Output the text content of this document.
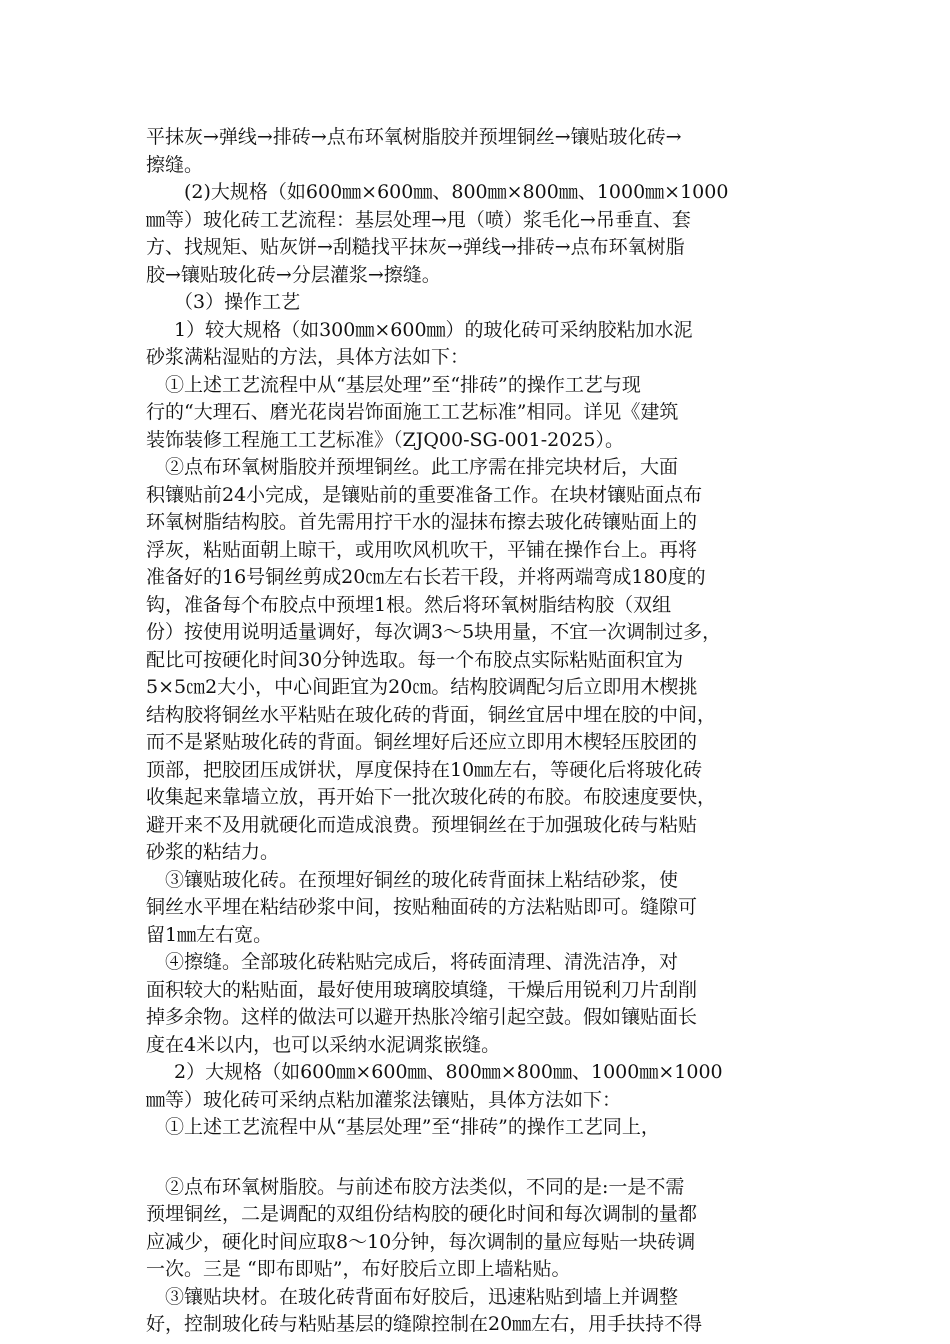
平抹灰→弹线→排砖→点布环氧树脂胶并预埋铜丝→镶贴玻化砖→
擦缝。
(2)大规格（如600㎜×600㎜、800㎜×800㎜、1000㎜×1000
㎜等）玻化砖工艺流程：基层处理→甩（喷）浆毛化→吊垂直、套
方、找规矩、贴灰饼→刮糙找平抹灰→弹线→排砖→点布环氧树脂
胶→镶贴玻化砖→分层灌浆→擦缝。
（3）操作工艺
1）较大规格（如300㎜×600㎜）的玻化砖可采纳胶粘加水泥
砂浆满粘湿贴的方法，具体方法如下：
①上述工艺流程中从“基层处理”至“排砖”的操作工艺与现
行的“大理石、磨光花岗岩饰面施工工艺标准”相同。详见《建筑
装饰装修工程施工工艺标准》（ZJQ00-SG-001-2025）。
②点布环氧树脂胶并预埋铜丝。此工序需在排完块材后，大面
积镶贴前24小完成，是镶贴前的重要准备工作。在块材镶贴面点布
环氧树脂结构胶。首先需用拧干水的湿抹布擦去玻化砖镶贴面上的
浮灰，粘贴面朝上晾干，或用吹风机吹干，平铺在操作台上。再将
准备好的16号铜丝剪成20㎝左右长若干段，并将两端弯成180度的
钩，准备每个布胶点中预埋1根。然后将环氧树脂结构胶（双组
份）按使用说明适量调好，每次调3～5块用量，不宜一次调制过多，
配比可按硬化时间30分钟选取。每一个布胶点实际粘贴面积宜为
5×5㎝2大小，中心间距宜为20㎝。结构胶调配匀后立即用木楔挑
结构胶将铜丝水平粘贴在玻化砖的背面，铜丝宜居中埋在胶的中间，
而不是紧贴玻化砖的背面。铜丝埋好后还应立即用木楔轻压胶团的
顶部，把胶团压成饼状，厚度保持在10㎜左右，等硬化后将玻化砖
收集起来靠墙立放，再开始下一批次玻化砖的布胶。布胶速度要快，
避开来不及用就硬化而造成浪费。预埋铜丝在于加强玻化砖与粘贴
砂浆的粘结力。
③镶贴玻化砖。在预埋好铜丝的玻化砖背面抹上粘结砂浆，使
铜丝水平埋在粘结砂浆中间，按贴釉面砖的方法粘贴即可。缝隙可
留1㎜左右宽。
④擦缝。全部玻化砖粘贴完成后，将砖面清理、清洗洁净，对
面积较大的粘贴面，最好使用玻璃胶填缝，干燥后用锐利刀片刮削
掉多余物。这样的做法可以避开热胀冷缩引起空鼓。假如镶贴面长
度在4米以内，也可以采纳水泥调浆嵌缝。
2）大规格（如600㎜×600㎜、800㎜×800㎜、1000㎜×1000
㎜等）玻化砖可采纳点粘加灌浆法镶贴，具体方法如下：
①上述工艺流程中从“基层处理”至“排砖”的操作工艺同上，
②点布环氧树脂胶。与前述布胶方法类似，不同的是:一是不需
预埋铜丝，二是调配的双组份结构胶的硬化时间和每次调制的量都
应减少，硬化时间应取8～10分钟，每次调制的量应每贴一块砖调
一次。三是 “即布即贴”，布好胶后立即上墙粘贴。
③镶贴块材。在玻化砖背面布好胶后，迅速粘贴到墙上并调整
好，控制玻化砖与粘贴基层的缝隙控制在20㎜左右，用手扶持不得
